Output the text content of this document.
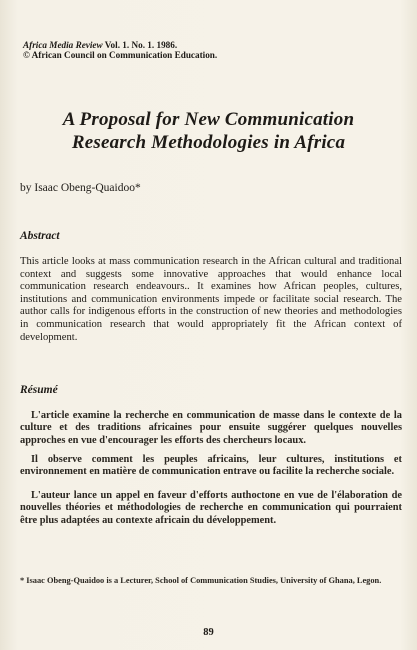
Africa Media Review Vol. 1. No. 1. 1986.
© African Council on Communication Education.
A Proposal for New Communication
Research Methodologies in Africa
by Isaac Obeng-Quaidoo*
Abstract

This article looks at mass communication research in the African cultural and traditional context and suggests some innovative approaches that would enhance local communication research endeavours.. It examines how African peoples, cultures, institutions and communication environments impede or facilitate social research. The author calls for indigenous efforts in the construction of new theories and methodologies in communication research that would appropriately fit the African context of development.

Résumé

L'article examine la recherche en communication de masse dans le contexte de la culture et des traditions africaines pour ensuite suggérer quelques nouvelles approches en vue d'encourager les efforts des chercheurs locaux.

Il observe comment les peuples africains, leur cultures, institutions et environnement en matière de communication entrave ou facilite la recherche sociale.

L'auteur lance un appel en faveur d'efforts authoctone en vue de l'élaboration de nouvelles théories et méthodologies de recherche en communication qui pourraient être plus adaptées au contexte africain du développement.

* Isaac Obeng-Quaidoo is a Lecturer, School of Communication Studies, University of Ghana, Legon.
89
